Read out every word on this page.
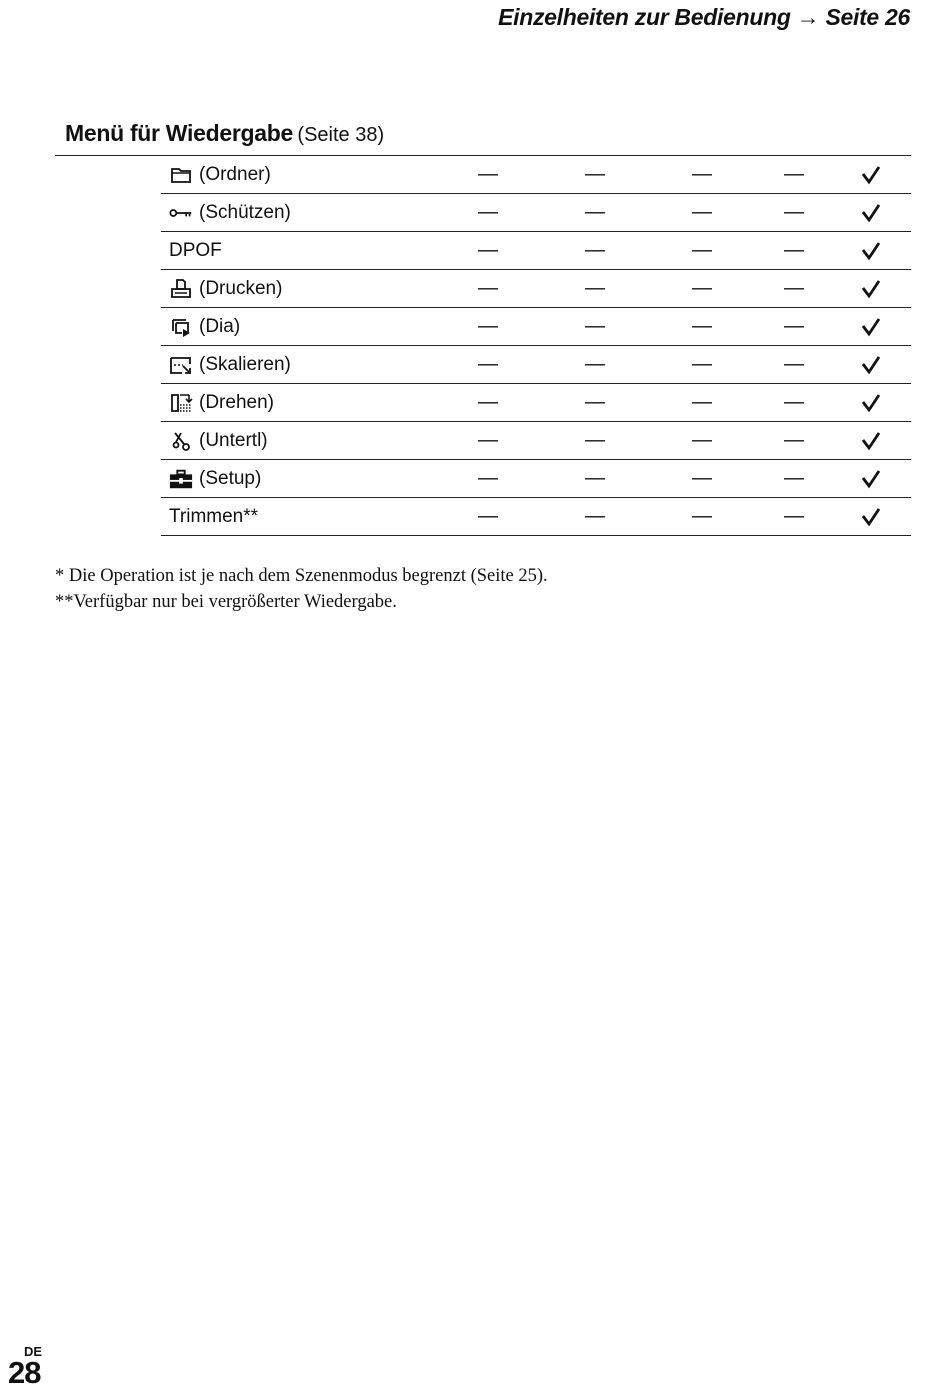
Einzelheiten zur Bedienung → Seite 26
Menü für Wiedergabe (Seite 38)
(Ordner)	—	—	—	—
(Schützen)	—	—	—	—
DPOF	—	—	—	—
(Drucken)	—	—	—	—
(Dia)	—	—	—	—
(Skalieren)	—	—	—	—
(Drehen)	—	—	—	—
(Untertl)	—	—	—	—
(Setup)	—	—	—	—
Trimmen**	—	—	—	—
* Die Operation ist je nach dem Szenenmodus begrenzt (Seite 25).
**Verfügbar nur bei vergrößerter Wiedergabe.
DE
28
